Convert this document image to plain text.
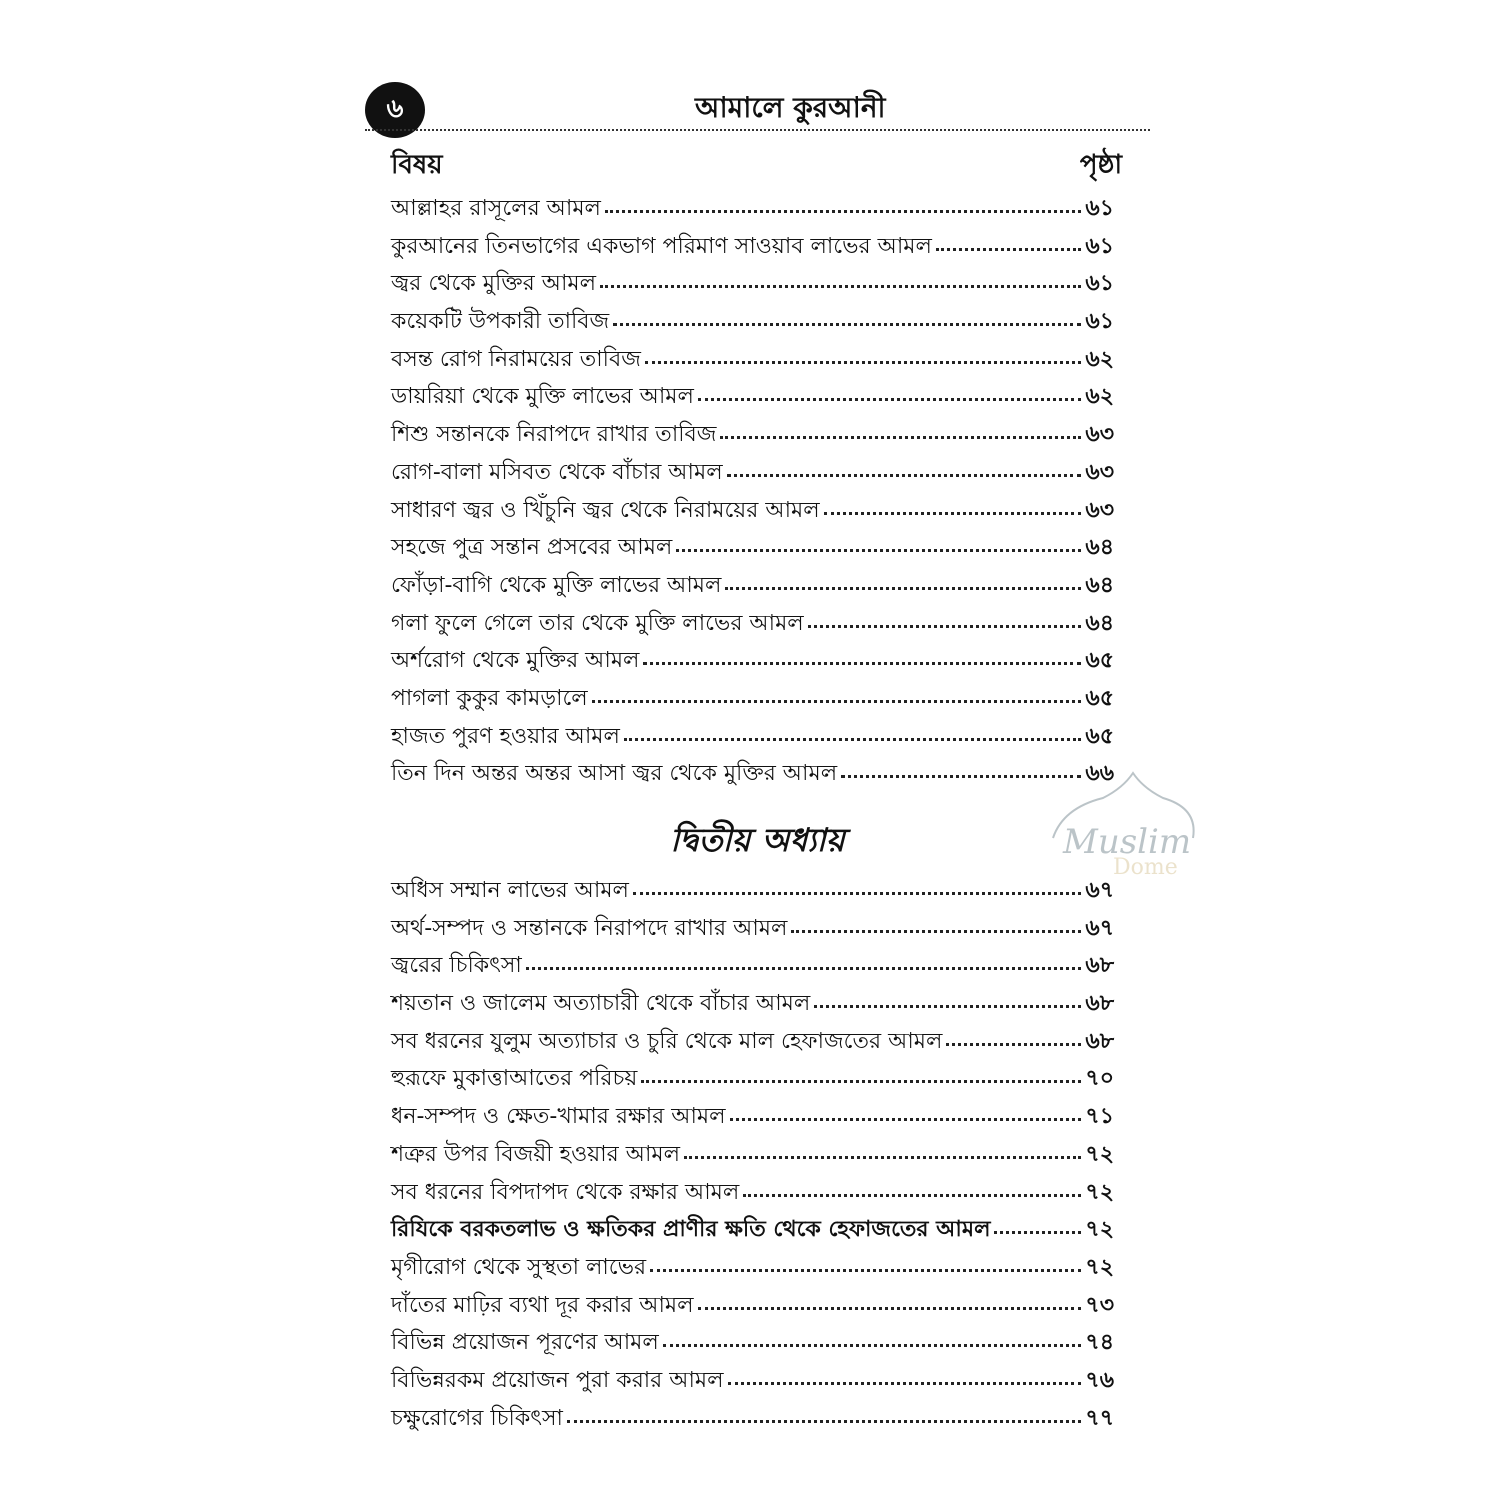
৬	আমালে কুরআনী
বিষয়	পৃষ্ঠা
আল্লাহর রাসূলের আমল	৬১
কুরআনের তিনভাগের একভাগ পরিমাণ সাওয়াব লাভের আমল	৬১
জ্বর থেকে মুক্তির আমল	৬১
কয়েকটি উপকারী তাবিজ	৬১
বসন্ত রোগ নিরাময়ের তাবিজ	৬২
ডায়রিয়া থেকে মুক্তি লাভের আমল	৬২
শিশু সন্তানকে নিরাপদে রাখার তাবিজ	৬৩
রোগ-বালা মসিবত থেকে বাঁচার আমল	৬৩
সাধারণ জ্বর ও খিঁচুনি জ্বর থেকে নিরাময়ের আমল	৬৩
সহজে পুত্র সন্তান প্রসবের আমল	৬৪
ফোঁড়া-বাগি থেকে মুক্তি লাভের আমল	৬৪
গলা ফুলে গেলে তার থেকে মুক্তি লাভের আমল	৬৪
অর্শরোগ থেকে মুক্তির আমল	৬৫
পাগলা কুকুর কামড়ালে	৬৫
হাজত পুরণ হওয়ার আমল	৬৫
তিন দিন অন্তর অন্তর আসা জ্বর থেকে মুক্তির আমল	৬৬
দ্বিতীয় অধ্যায়
অধিস সম্মান লাভের আমল	৬৭
অর্থ-সম্পদ ও সন্তানকে নিরাপদে রাখার আমল	৬৭
জ্বরের চিকিৎসা	৬৮
শয়তান ও জালেম অত্যাচারী থেকে বাঁচার আমল	৬৮
সব ধরনের যুলুম অত্যাচার ও চুরি থেকে মাল হেফাজতের আমল	৬৮
হুরূফে মুকাত্তাআতের পরিচয়	৭০
ধন-সম্পদ ও ক্ষেত-খামার রক্ষার আমল	৭১
শত্রুর উপর বিজয়ী হওয়ার আমল	৭২
সব ধরনের বিপদাপদ থেকে রক্ষার আমল	৭২
রিযিকে বরকতলাভ ও ক্ষতিকর প্রাণীর ক্ষতি থেকে হেফাজতের আমল	৭২
মৃগীরোগ থেকে সুস্থতা লাভের	৭২
দাঁতের মাঢ়ির ব্যথা দূর করার আমল	৭৩
বিভিন্ন প্রয়োজন পূরণের আমল	৭৪
বিভিন্নরকম প্রয়োজন পুরা করার আমল	৭৬
চক্ষুরোগের চিকিৎসা	৭৭
Muslim
Dome
